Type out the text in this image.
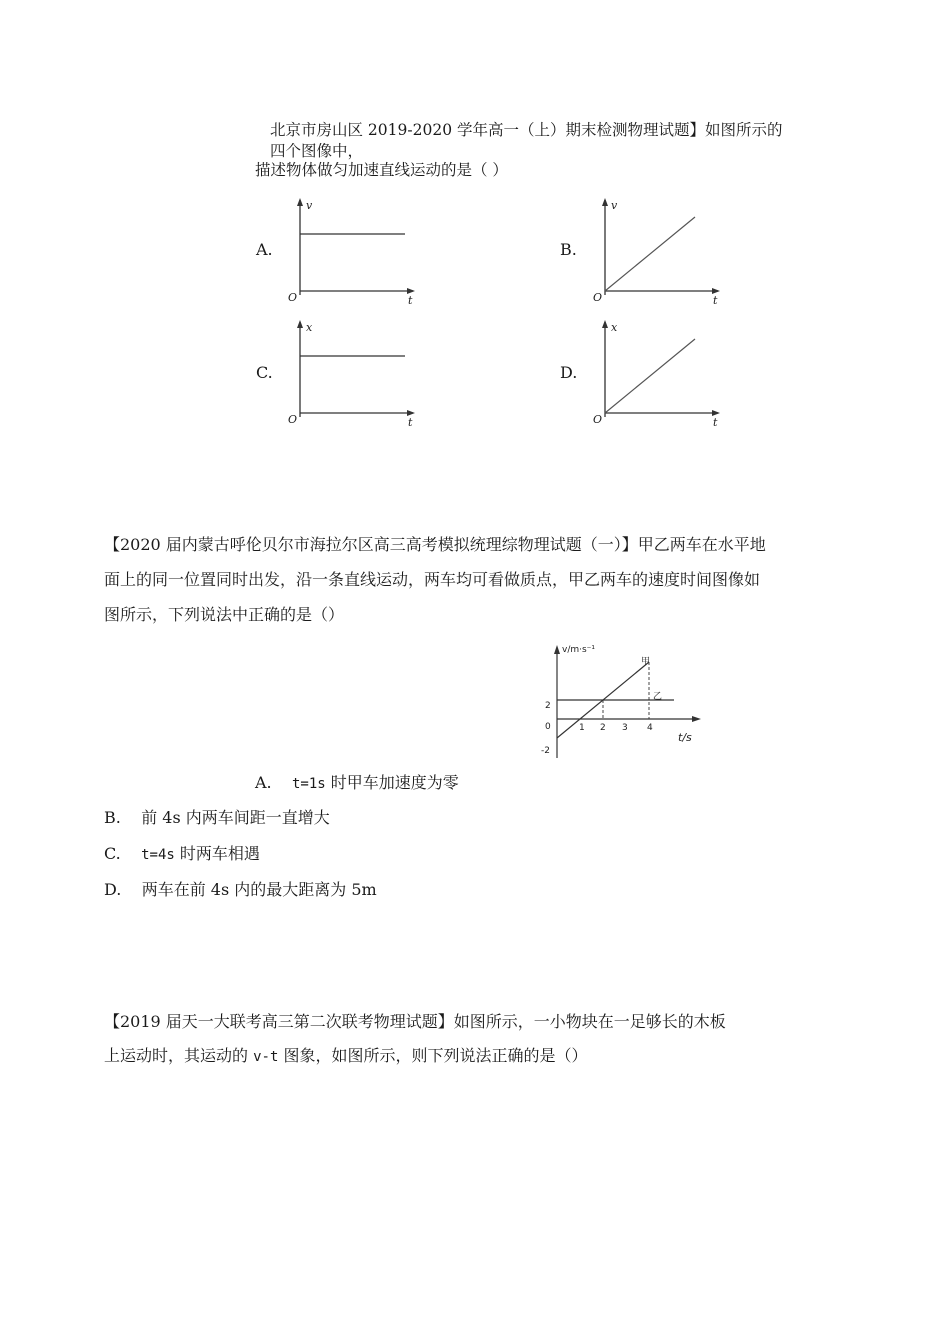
北京市房山区 2019-2020 学年高一（上）期末检测物理试题】如图所示的
四个图像中，
描述物体做匀加速直线运动的是（ ）
A.
v
O	t
B.
v
O	t
C.
x
O	t
D.
x
O	t
【2020 届内蒙古呼伦贝尔市海拉尔区高三高考模拟统理综物理试题（一）】甲乙两车在水平地
面上的同一位置同时出发，沿一条直线运动，两车均可看做质点，甲乙两车的速度时间图像如
图所示，下列说法中正确的是（）
v/m·s⁻¹
t/s
甲
乙
2
0
-2
1 2 3 4
A. t=1s 时甲车加速度为零
B. 前 4s 内两车间距一直增大
C. t=4s 时两车相遇
D. 两车在前 4s 内的最大距离为 5m
【2019 届天一大联考高三第二次联考物理试题】如图所示，一小物块在一足够长的木板
上运动时，其运动的 v-t 图象，如图所示，则下列说法正确的是（）
